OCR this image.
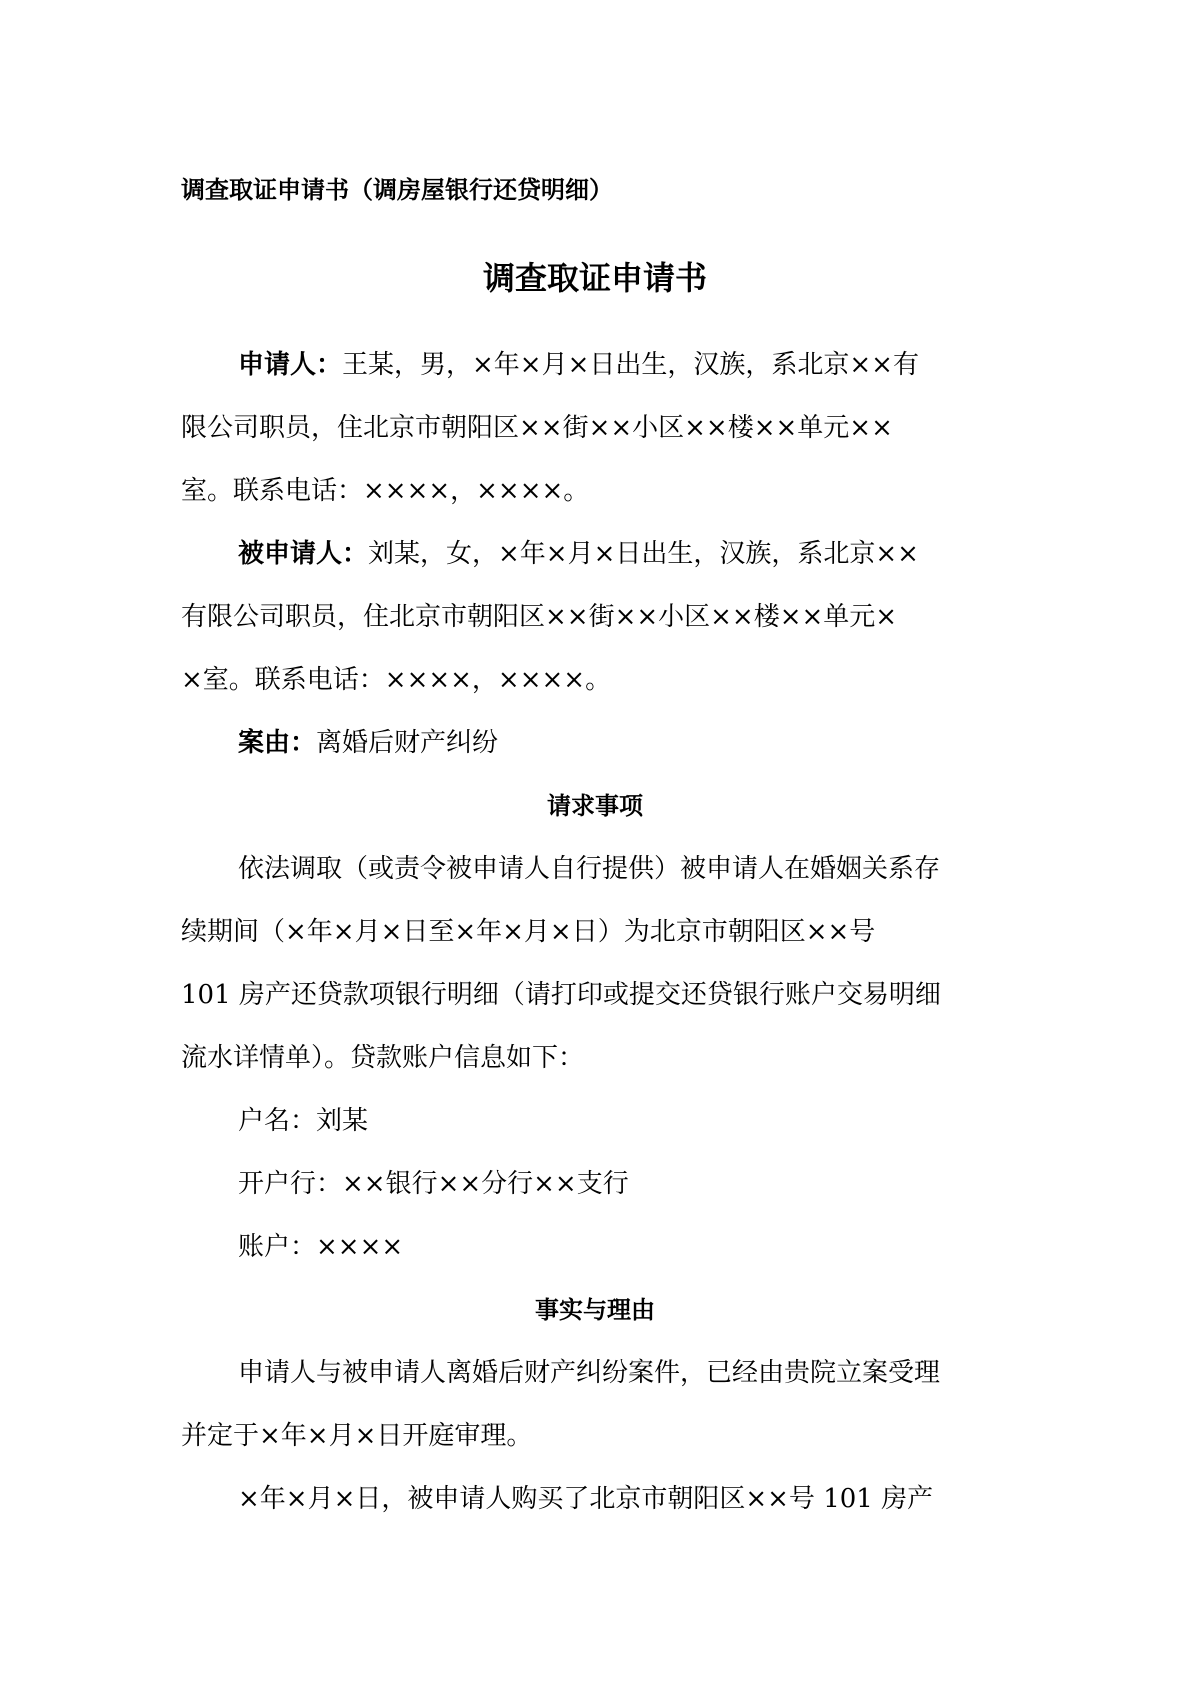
调查取证申请书（调房屋银行还贷明细）
调查取证申请书
申请人：王某，男，×年×月×日出生，汉族，系北京××有
限公司职员，住北京市朝阳区××街××小区××楼××单元××
室。联系电话：××××，××××。
被申请人：刘某，女，×年×月×日出生，汉族，系北京××
有限公司职员，住北京市朝阳区××街××小区××楼××单元×
×室。联系电话：××××，××××。
案由：离婚后财产纠纷
请求事项
依法调取（或责令被申请人自行提供）被申请人在婚姻关系存
续期间（×年×月×日至×年×月×日）为北京市朝阳区××号
101 房产还贷款项银行明细（请打印或提交还贷银行账户交易明细
流水详情单）。贷款账户信息如下：
户名：刘某
开户行：××银行××分行××支行
账户：××××
事实与理由
申请人与被申请人离婚后财产纠纷案件，已经由贵院立案受理
并定于×年×月×日开庭审理。
×年×月×日，被申请人购买了北京市朝阳区××号 101 房产
